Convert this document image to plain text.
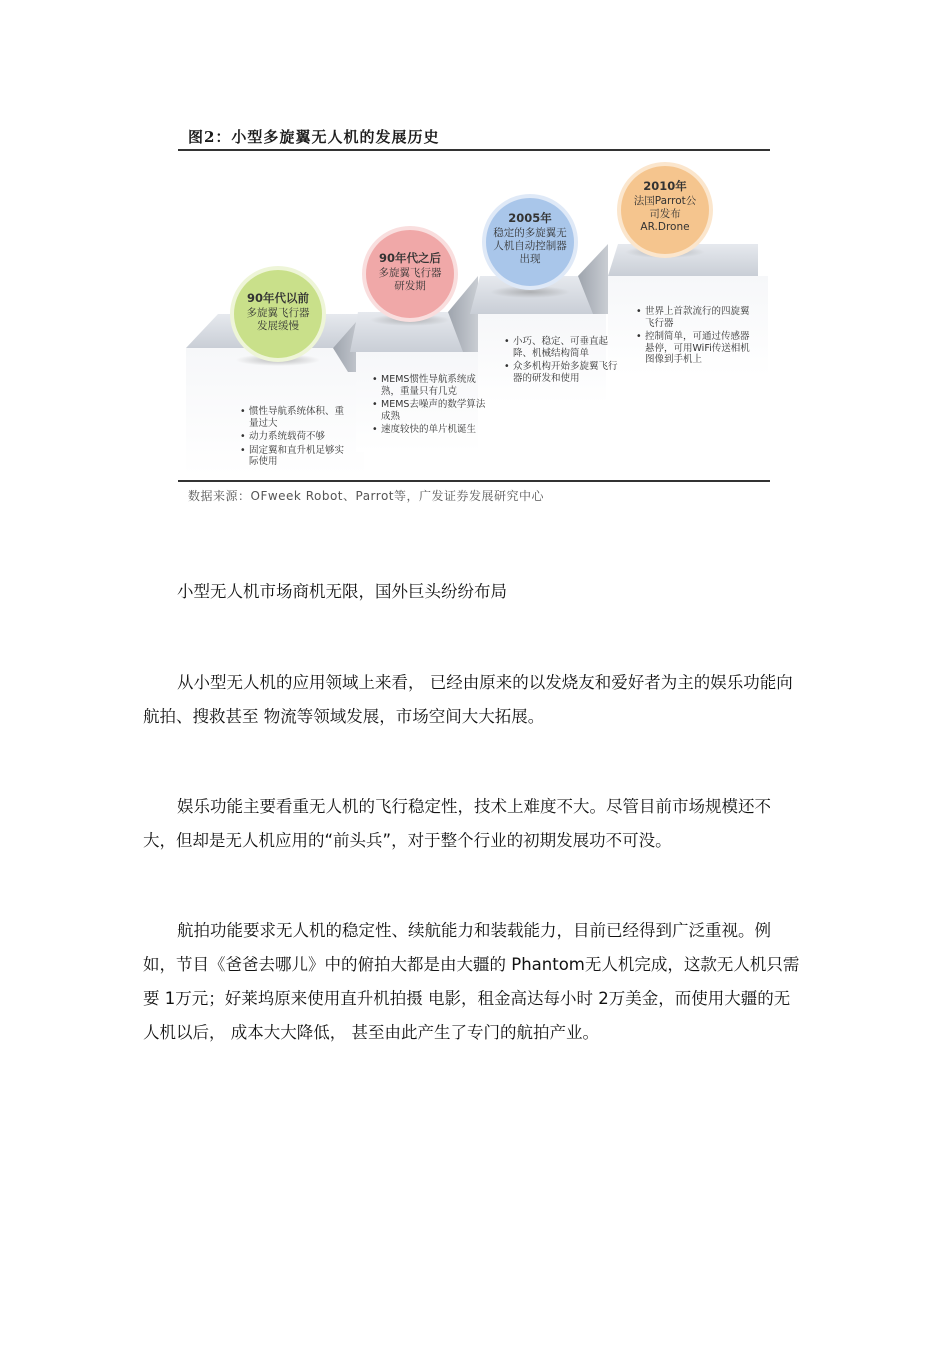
图2：小型多旋翼无人机的发展历史
90年代以前
多旋翼飞行器
发展缓慢
90年代之后
多旋翼飞行器
研发期
2005年
稳定的多旋翼无
人机自动控制器
出现
2010年
法国Parrot公
司发布
AR.Drone
• 惯性导航系统体积、重量过大
• 动力系统载荷不够
• 固定翼和直升机足够实际使用
• MEMS惯性导航系统成熟，重量只有几克
• MEMS去噪声的数学算法成熟
• 速度较快的单片机诞生
• 小巧、稳定、可垂直起降、机械结构简单
• 众多机构开始多旋翼飞行器的研发和使用
• 世界上首款流行的四旋翼飞行器
• 控制简单，可通过传感器悬停，可用WiFi传送相机图像到手机上
数据来源：OFweek Robot、Parrot等，广发证券发展研究中心
小型无人机市场商机无限，国外巨头纷纷布局

从小型无人机的应用领域上来看， 已经由原来的以发烧友和爱好者为主的娱乐功能向航拍、搜救甚至 物流等领域发展，市场空间大大拓展。

娱乐功能主要看重无人机的飞行稳定性，技术上难度不大。尽管目前市场规模还不大，但却是无人机应用的“前头兵”，对于整个行业的初期发展功不可没。

航拍功能要求无人机的稳定性、续航能力和装载能力，目前已经得到广泛重视。例如，节目《爸爸去哪儿》中的俯拍大都是由大疆的 Phantom无人机完成，这款无人机只需要 1万元；好莱坞原来使用直升机拍摄 电影，租金高达每小时 2万美金，而使用大疆的无人机以后， 成本大大降低， 甚至由此产生了专门的航拍产业。
